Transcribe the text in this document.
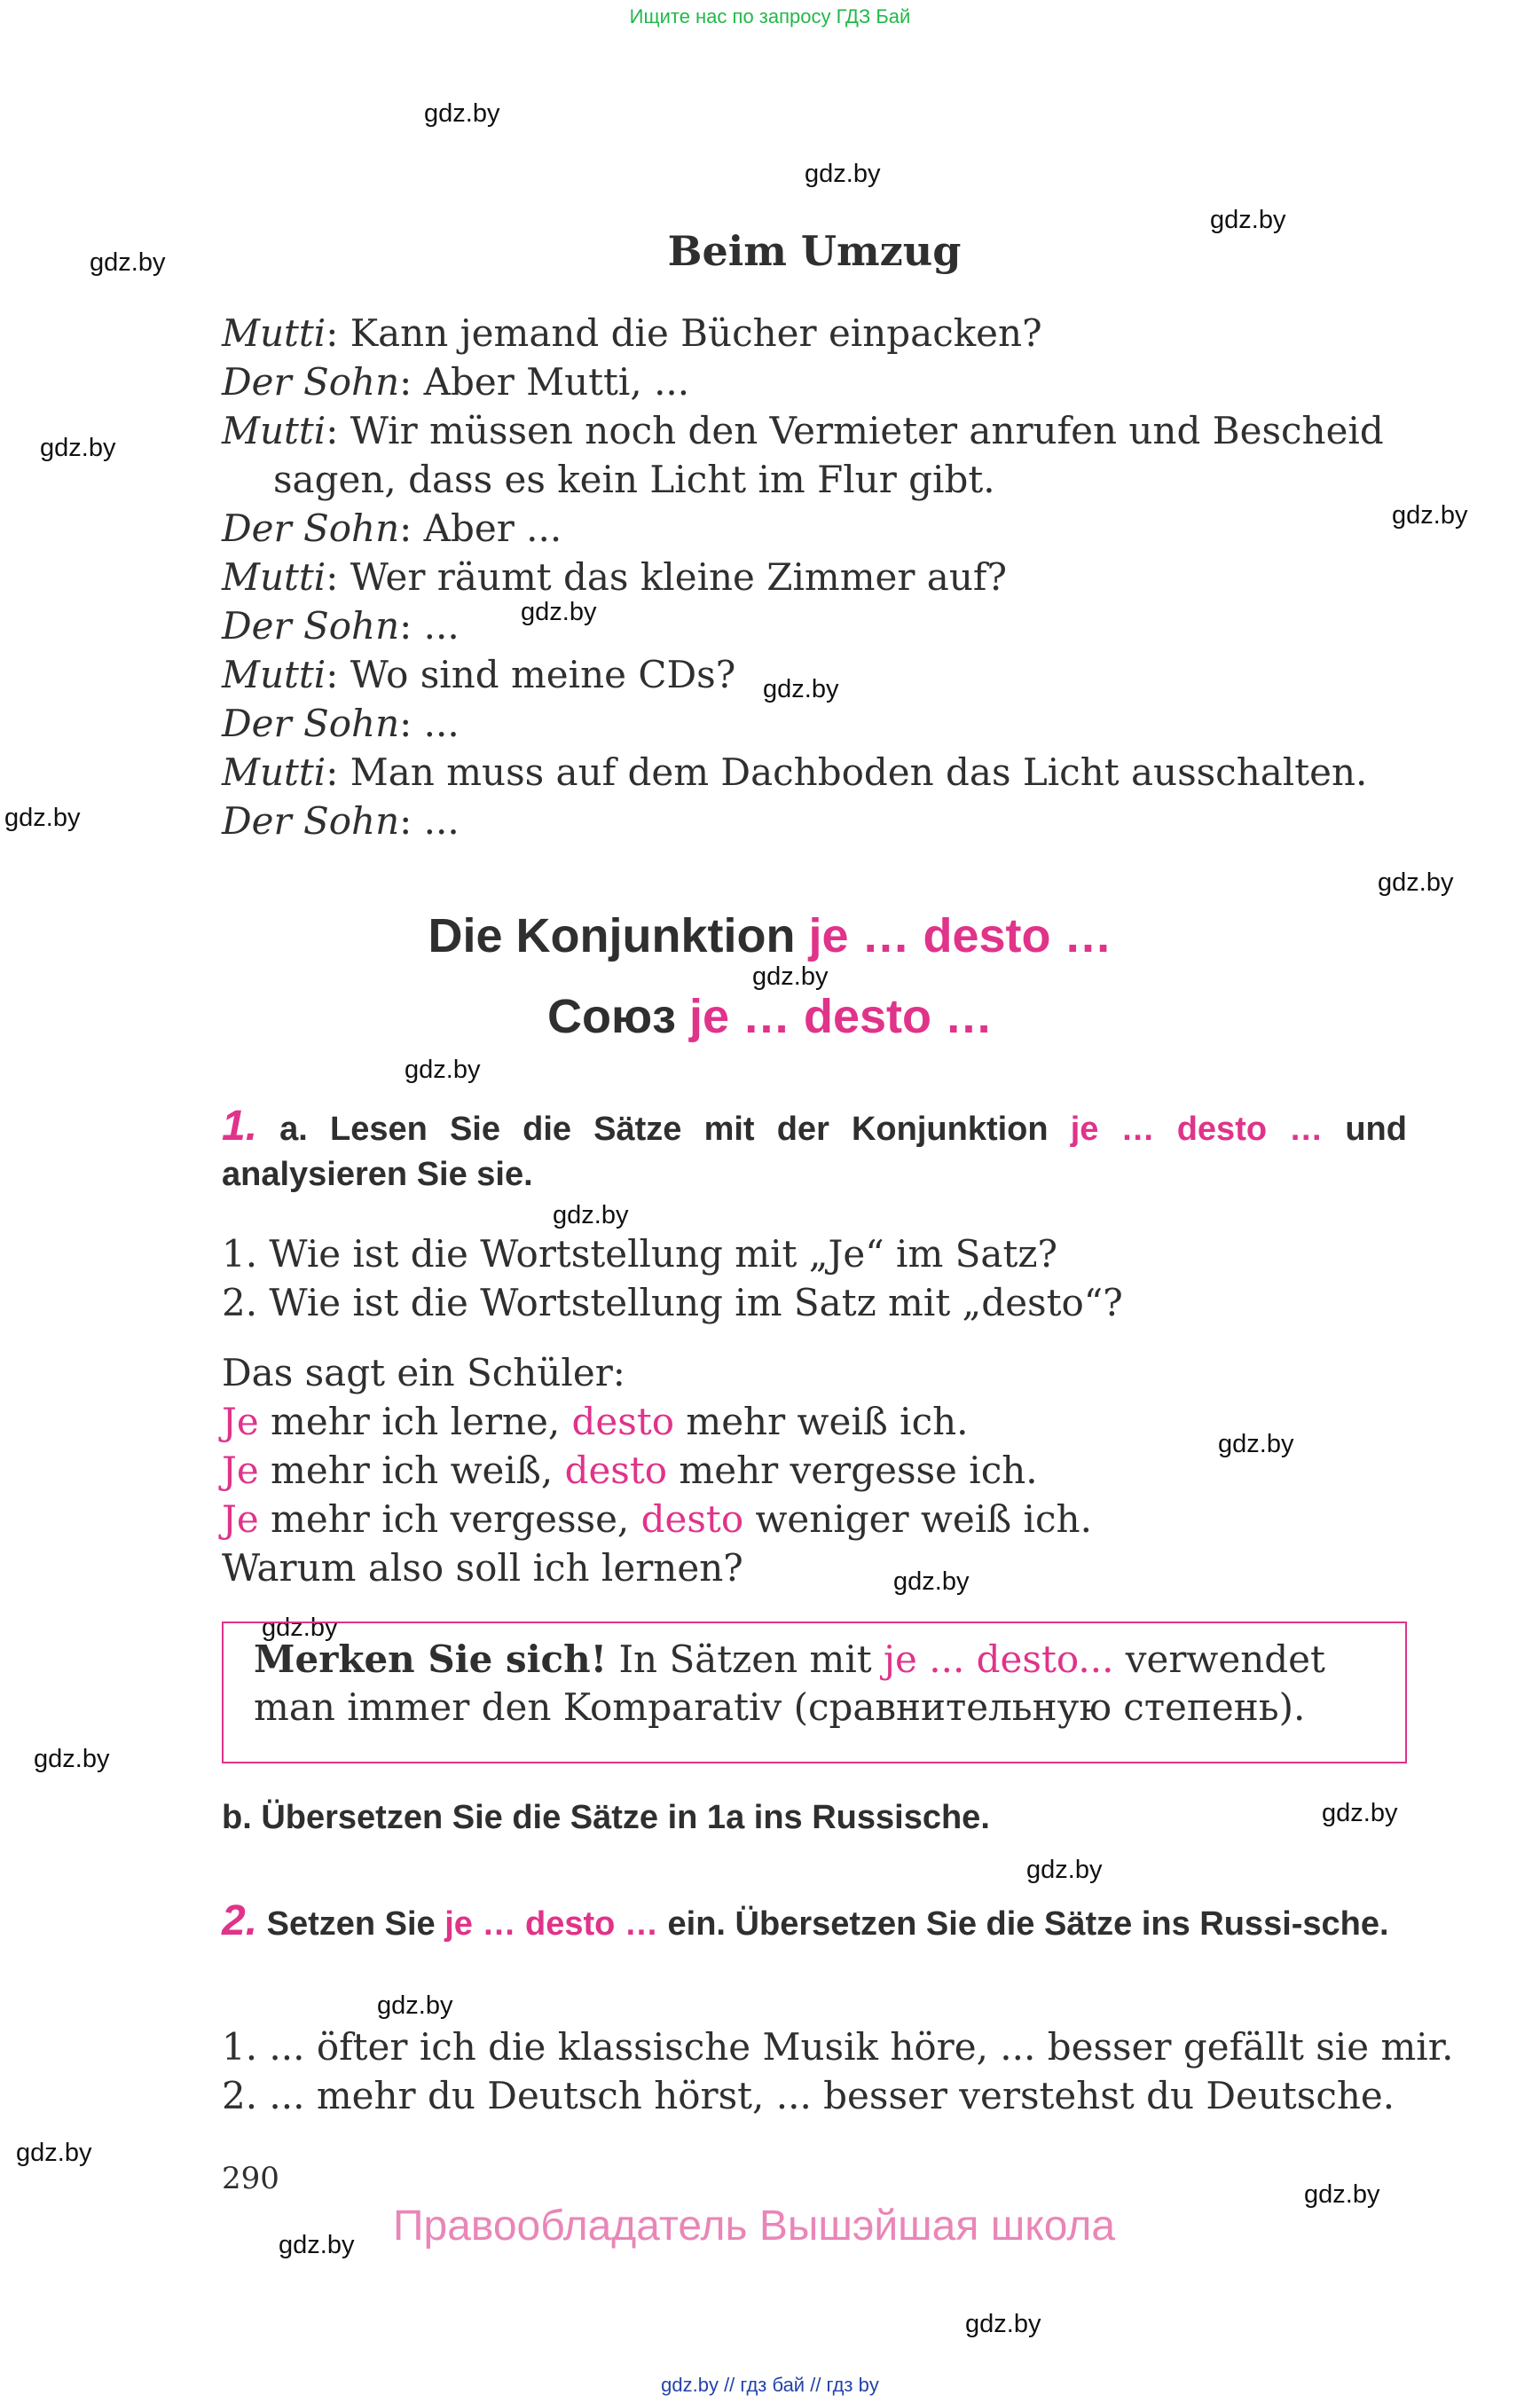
Ищите нас по запросу ГДЗ Бай
gdz.by
gdz.by
gdz.by
gdz.by
gdz.by
gdz.by
gdz.by
gdz.by
gdz.by
gdz.by
gdz.by
gdz.by
gdz.by
gdz.by
gdz.by
gdz.by
gdz.by
gdz.by
gdz.by
gdz.by
gdz.by
gdz.by
gdz.by
gdz.by
Beim Umzug
Mutti: Kann jemand die Bücher einpacken?
Der Sohn: Aber Mutti, ...
Mutti: Wir müssen noch den Vermieter anrufen und Bescheid
sagen, dass es kein Licht im Flur gibt.
Der Sohn: Aber ...
Mutti: Wer räumt das kleine Zimmer auf?
Der Sohn: ...
Mutti: Wo sind meine CDs?
Der Sohn: ...
Mutti: Man muss auf dem Dachboden das Licht ausschalten.
Der Sohn: ...
Die Konjunktion je … desto …
Союз je … desto …
1. a. Lesen Sie die Sätze mit der Konjunktion je … desto … und analysieren Sie sie.
1. Wie ist die Wortstellung mit „Je“ im Satz?
2. Wie ist die Wortstellung im Satz mit „desto“?
Das sagt ein Schüler:
Je mehr ich lerne, desto mehr weiß ich.
Je mehr ich weiß, desto mehr vergesse ich.
Je mehr ich vergesse, desto weniger weiß ich.
Warum also soll ich lernen?
Merken Sie sich! In Sätzen mit je ... desto... verwendet man immer den Komparativ (сравнительную степень).
b. Übersetzen Sie die Sätze in 1a ins Russische.
2. Setzen Sie je … desto … ein. Übersetzen Sie die Sätze ins Russi-sche.
1. ... öfter ich die klassische Musik höre, ... besser gefällt sie mir.
2. ... mehr du Deutsch hörst, ... besser verstehst du Deutsche.
290
Правообладатель Вышэйшая школа
gdz.by // гдз бай // гдз by
